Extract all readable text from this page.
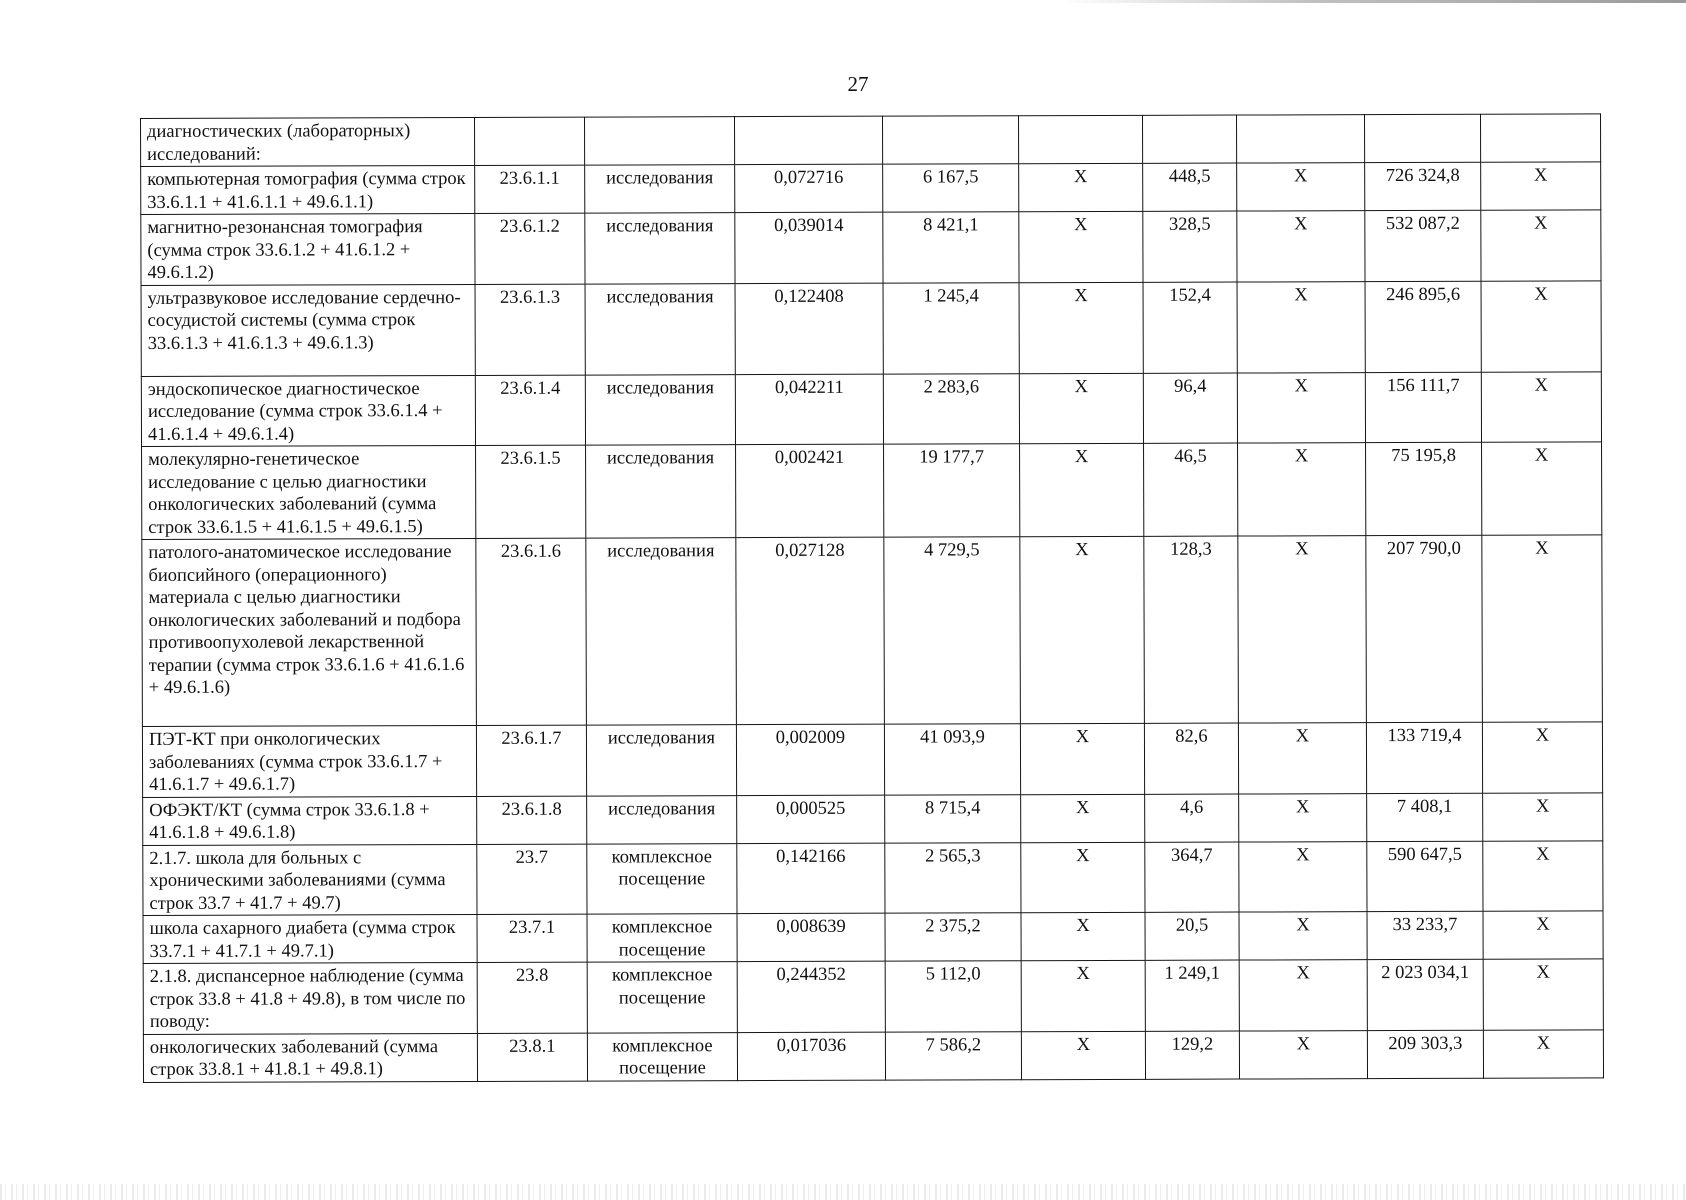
27
диагностических (лабораторных) исследований:									
компьютерная томография (сумма строк 33.6.1.1 + 41.6.1.1 + 49.6.1.1)	23.6.1.1	исследования	0,072716	6 167,5	X	448,5	X	726 324,8	X
магнитно-резонансная томография (сумма строк 33.6.1.2 + 41.6.1.2 + 49.6.1.2)	23.6.1.2	исследования	0,039014	8 421,1	X	328,5	X	532 087,2	X
ультразвуковое исследование сердечно-сосудистой системы (сумма строк 33.6.1.3 + 41.6.1.3 + 49.6.1.3)	23.6.1.3	исследования	0,122408	1 245,4	X	152,4	X	246 895,6	X
эндоскопическое диагностическое исследование (сумма строк 33.6.1.4 + 41.6.1.4 + 49.6.1.4)	23.6.1.4	исследования	0,042211	2 283,6	X	96,4	X	156 111,7	X
молекулярно-генетическое исследование с целью диагностики онкологических заболеваний (сумма строк 33.6.1.5 + 41.6.1.5 + 49.6.1.5)	23.6.1.5	исследования	0,002421	19 177,7	X	46,5	X	75 195,8	X
патолого-анатомическое исследование биопсийного (операционного) материала с целью диагностики онкологических заболеваний и подбора противоопухолевой лекарственной терапии (сумма строк 33.6.1.6 + 41.6.1.6 + 49.6.1.6)	23.6.1.6	исследования	0,027128	4 729,5	X	128,3	X	207 790,0	X
ПЭТ-КТ при онкологических заболеваниях (сумма строк 33.6.1.7 + 41.6.1.7 + 49.6.1.7)	23.6.1.7	исследования	0,002009	41 093,9	X	82,6	X	133 719,4	X
ОФЭКТ/КТ (сумма строк 33.6.1.8 + 41.6.1.8 + 49.6.1.8)	23.6.1.8	исследования	0,000525	8 715,4	X	4,6	X	7 408,1	X
2.1.7. школа для больных с хроническими заболеваниями (сумма строк 33.7 + 41.7 + 49.7)	23.7	комплексное посещение	0,142166	2 565,3	X	364,7	X	590 647,5	X
школа сахарного диабета (сумма строк 33.7.1 + 41.7.1 + 49.7.1)	23.7.1	комплексное посещение	0,008639	2 375,2	X	20,5	X	33 233,7	X
2.1.8. диспансерное наблюдение (сумма строк 33.8 + 41.8 + 49.8), в том числе по поводу:	23.8	комплексное посещение	0,244352	5 112,0	X	1 249,1	X	2 023 034,1	X
онкологических заболеваний (сумма строк 33.8.1 + 41.8.1 + 49.8.1)	23.8.1	комплексное посещение	0,017036	7 586,2	X	129,2	X	209 303,3	X
